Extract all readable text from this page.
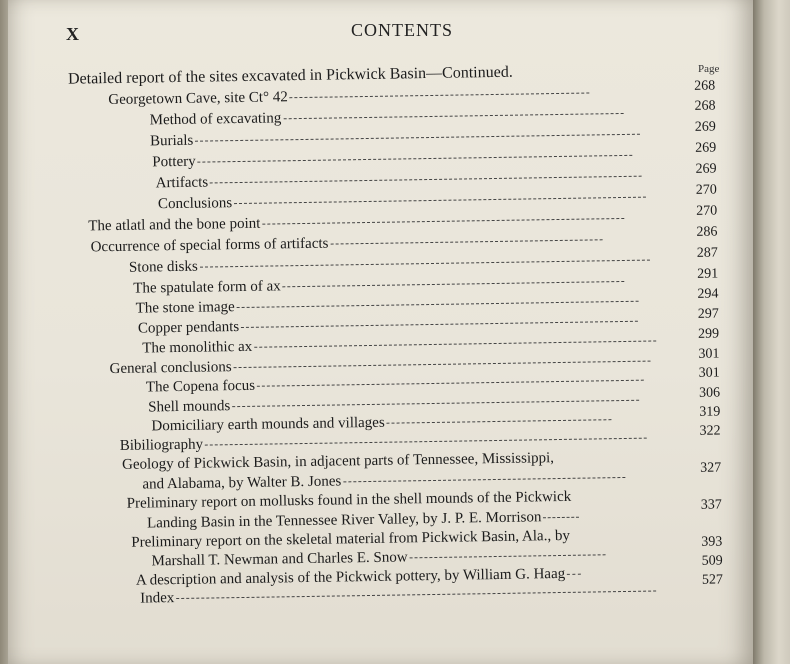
X	CONTENTS
Page
Detailed report of the sites excavated in Pickwick Basin—Continued.
Georgetown Cave, site Ct° 42
Method of excavating
Burials
Pottery
Artifacts
Conclusions
The atlatl and the bone point
Occurrence of special forms of artifacts
Stone disks
The spatulate form of ax
The stone image
Copper pendants
The monolithic ax
General conclusions
The Copena focus
Shell mounds
Domiciliary earth mounds and villages
Bibiliography
Geology of Pickwick Basin, in adjacent parts of Tennessee, Mississippi,
and Alabama, by Walter B. Jones
Preliminary report on mollusks found in the shell mounds of the Pickwick
Landing Basin in the Tennessee River Valley, by J. P. E. Morrison
Preliminary report on the skeletal material from Pickwick Basin, Ala., by
Marshall T. Newman and Charles E. Snow
A description and analysis of the Pickwick pottery, by William G. Haag
Index
268
268
269
269
269
270
270
286
287
291
294
297
299
301
301
306
319
322
327
337
393
509
527
